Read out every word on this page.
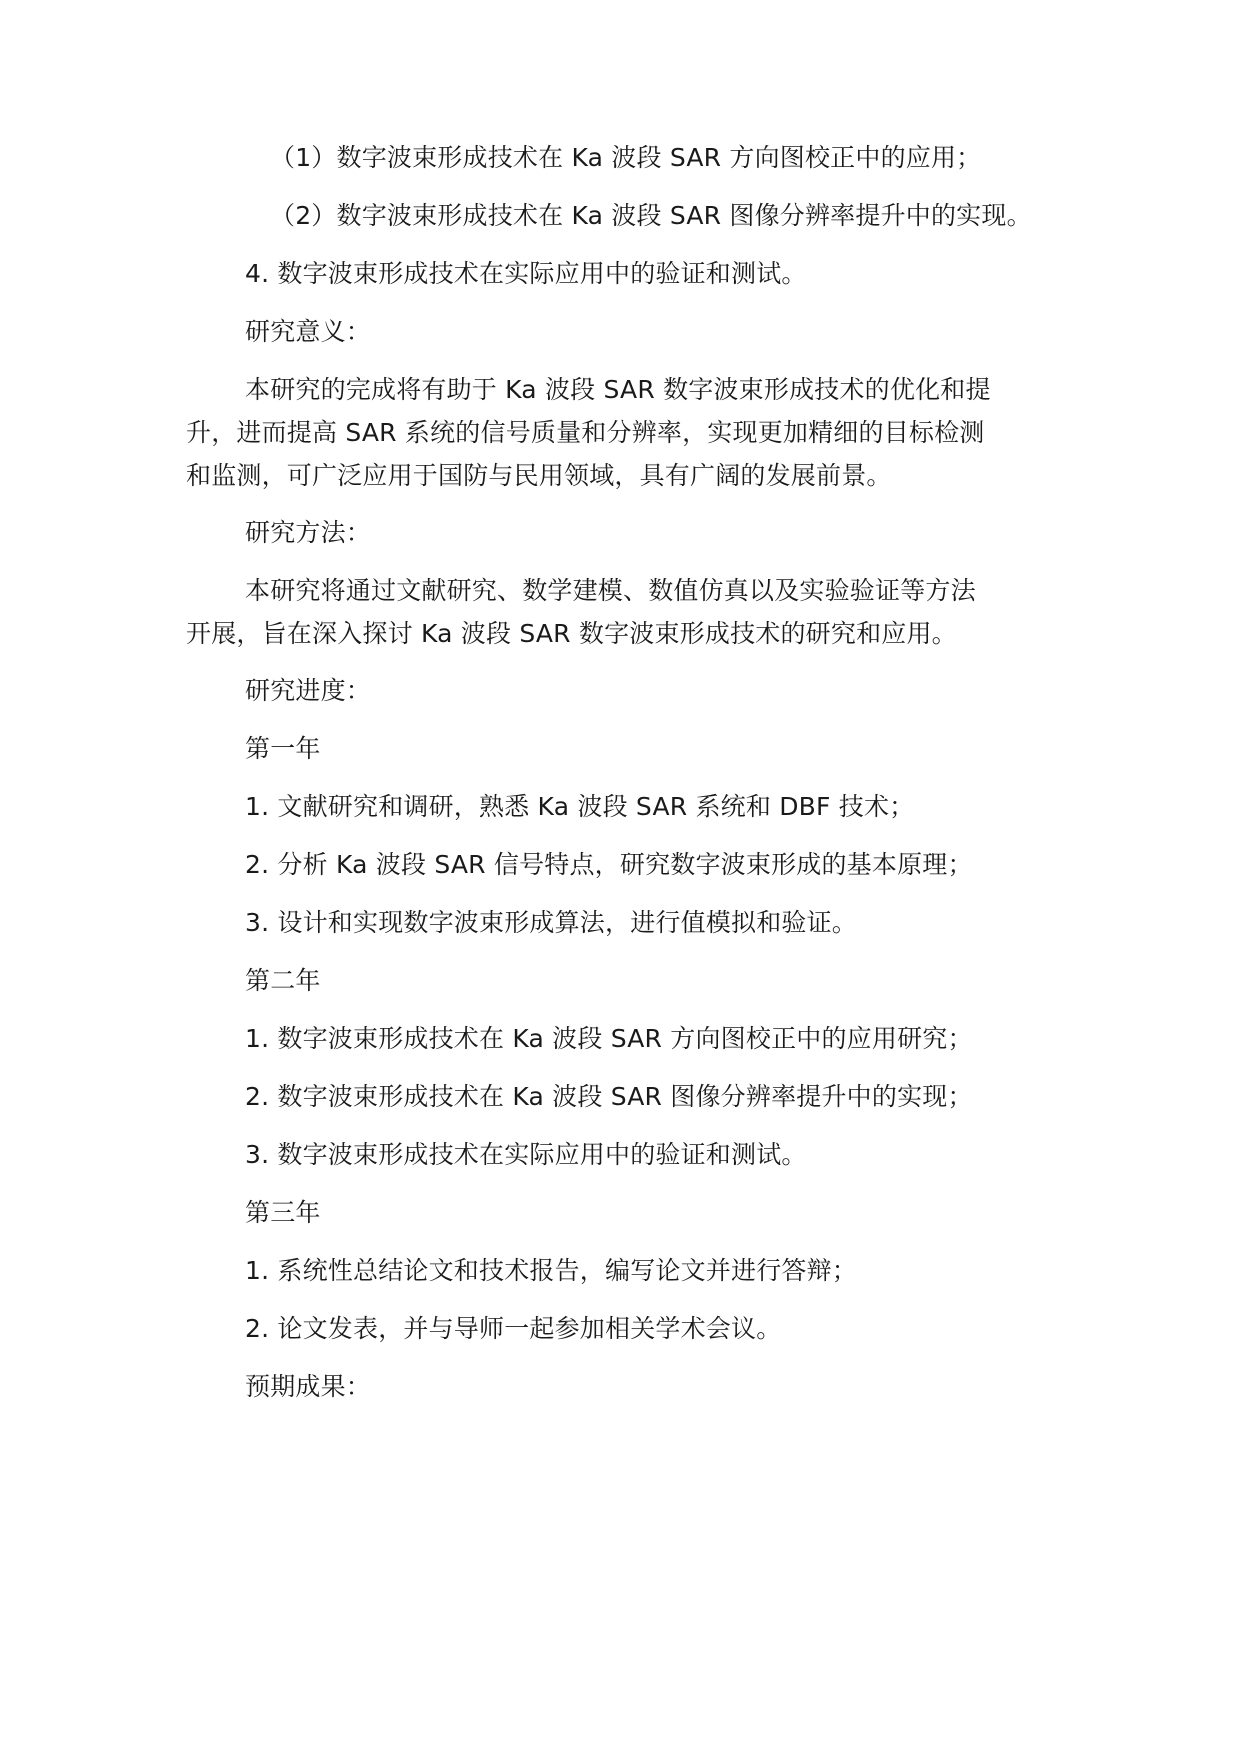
（1）数字波束形成技术在 Ka 波段 SAR 方向图校正中的应用；
（2）数字波束形成技术在 Ka 波段 SAR 图像分辨率提升中的实现。
4. 数字波束形成技术在实际应用中的验证和测试。
研究意义：
本研究的完成将有助于 Ka 波段 SAR 数字波束形成技术的优化和提
升，进而提高 SAR 系统的信号质量和分辨率，实现更加精细的目标检测
和监测，可广泛应用于国防与民用领域，具有广阔的发展前景。
研究方法：
本研究将通过文献研究、数学建模、数值仿真以及实验验证等方法
开展，旨在深入探讨 Ka 波段 SAR 数字波束形成技术的研究和应用。
研究进度：
第一年
1. 文献研究和调研，熟悉 Ka 波段 SAR 系统和 DBF 技术；
2. 分析 Ka 波段 SAR 信号特点，研究数字波束形成的基本原理；
3. 设计和实现数字波束形成算法，进行值模拟和验证。
第二年
1. 数字波束形成技术在 Ka 波段 SAR 方向图校正中的应用研究；
2. 数字波束形成技术在 Ka 波段 SAR 图像分辨率提升中的实现；
3. 数字波束形成技术在实际应用中的验证和测试。
第三年
1. 系统性总结论文和技术报告，编写论文并进行答辩；
2. 论文发表，并与导师一起参加相关学术会议。
预期成果：
